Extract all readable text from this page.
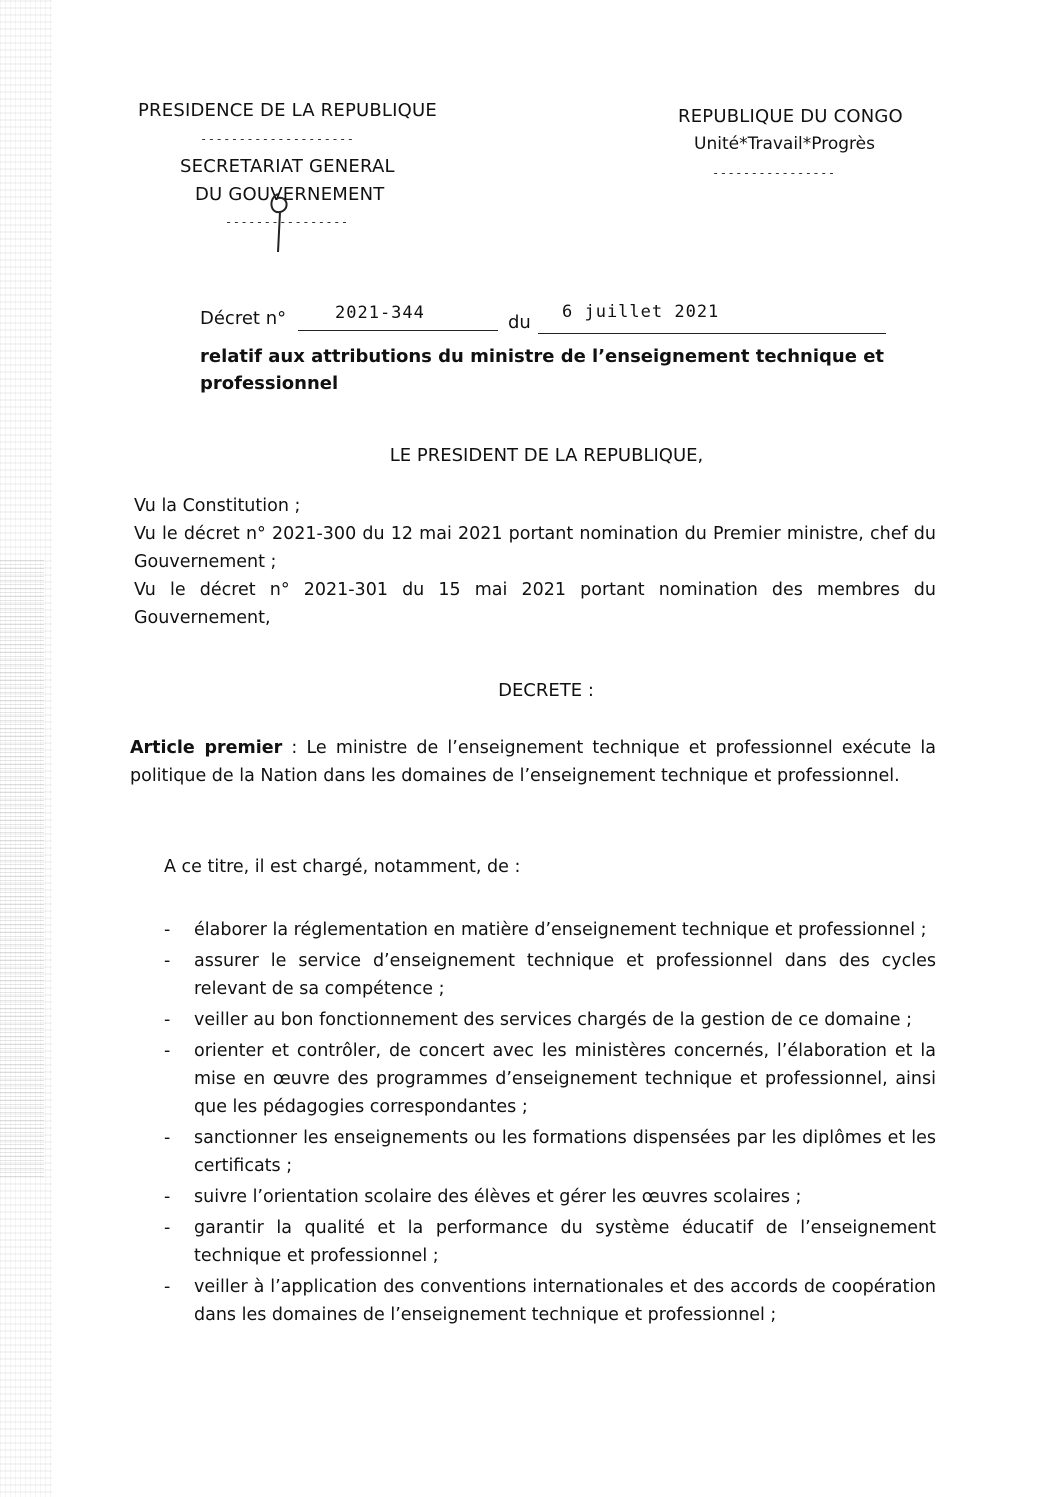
PRESIDENCE DE LA REPUBLIQUE
--------------------
SECRETARIAT GENERAL
DU GOUVERNEMENT
----------------
REPUBLIQUE DU CONGO
Unité*Travail*Progrès
----------------
Décret n°	2021-344	du 6 juillet 2021
relatif aux attributions du ministre de l’enseignement technique et professionnel
LE PRESIDENT DE LA REPUBLIQUE,
Vu la Constitution ;
Vu le décret n° 2021-300 du 12 mai 2021 portant nomination du Premier ministre, chef du Gouvernement ;
Vu le décret n° 2021-301 du 15 mai 2021 portant nomination des membres du Gouvernement,
DECRETE :
Article premier : Le ministre de l’enseignement technique et professionnel exécute la politique de la Nation dans les domaines de l’enseignement technique et professionnel.
A ce titre, il est chargé, notamment, de :
- élaborer la réglementation en matière d’enseignement technique et professionnel ;
- assurer le service d’enseignement technique et professionnel dans des cycles relevant de sa compétence ;
- veiller au bon fonctionnement des services chargés de la gestion de ce domaine ;
- orienter et contrôler, de concert avec les ministères concernés, l’élaboration et la mise en œuvre des programmes d’enseignement technique et professionnel, ainsi que les pédagogies correspondantes ;
- sanctionner les enseignements ou les formations dispensées par les diplômes et les certificats ;
- suivre l’orientation scolaire des élèves et gérer les œuvres scolaires ;
- garantir la qualité et la performance du système éducatif de l’enseignement technique et professionnel ;
- veiller à l’application des conventions internationales et des accords de coopération dans les domaines de l’enseignement technique et professionnel ;
